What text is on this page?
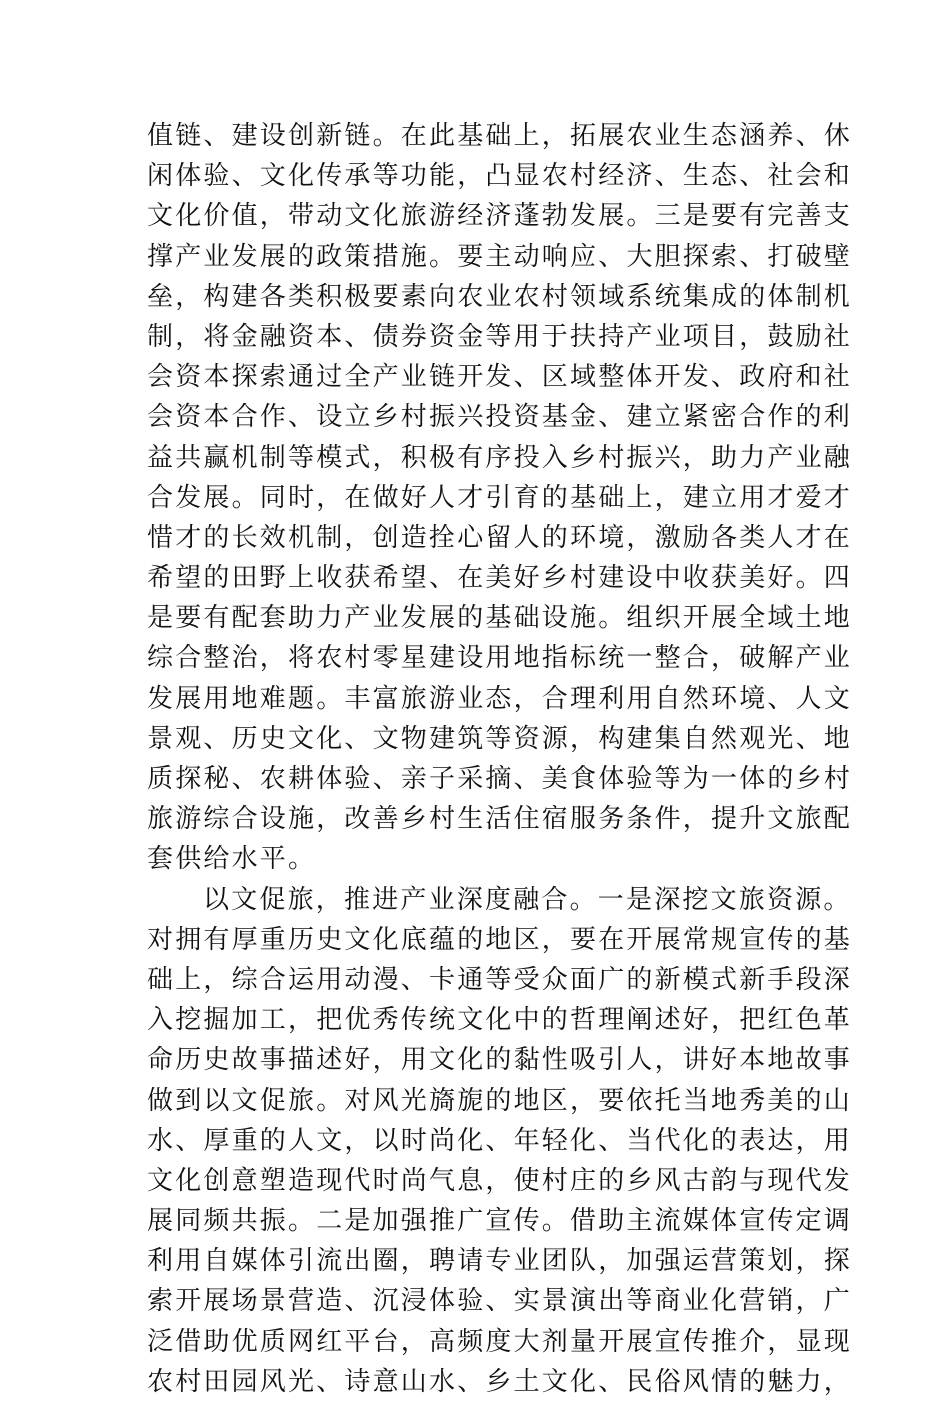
值链、建设创新链。在此基础上，拓展农业生态涵养、休
闲体验、文化传承等功能，凸显农村经济、生态、社会和
文化价值，带动文化旅游经济蓬勃发展。三是要有完善支
撑产业发展的政策措施。要主动响应、大胆探索、打破壁
垒，构建各类积极要素向农业农村领域系统集成的体制机
制，将金融资本、债券资金等用于扶持产业项目，鼓励社
会资本探索通过全产业链开发、区域整体开发、政府和社
会资本合作、设立乡村振兴投资基金、建立紧密合作的利
益共赢机制等模式，积极有序投入乡村振兴，助力产业融
合发展。同时，在做好人才引育的基础上，建立用才爱才
惜才的长效机制，创造拴心留人的环境，激励各类人才在
希望的田野上收获希望、在美好乡村建设中收获美好。四
是要有配套助力产业发展的基础设施。组织开展全域土地
综合整治，将农村零星建设用地指标统一整合，破解产业
发展用地难题。丰富旅游业态，合理利用自然环境、人文
景观、历史文化、文物建筑等资源，构建集自然观光、地
质探秘、农耕体验、亲子采摘、美食体验等为一体的乡村
旅游综合设施，改善乡村生活住宿服务条件，提升文旅配
套供给水平。
以文促旅，推进产业深度融合。一是深挖文旅资源。
对拥有厚重历史文化底蕴的地区，要在开展常规宣传的基
础上，综合运用动漫、卡通等受众面广的新模式新手段深
入挖掘加工，把优秀传统文化中的哲理阐述好，把红色革
命历史故事描述好，用文化的黏性吸引人，讲好本地故事
做到以文促旅。对风光旖旎的地区，要依托当地秀美的山
水、厚重的人文，以时尚化、年轻化、当代化的表达，用
文化创意塑造现代时尚气息，使村庄的乡风古韵与现代发
展同频共振。二是加强推广宣传。借助主流媒体宣传定调
利用自媒体引流出圈，聘请专业团队，加强运营策划，探
索开展场景营造、沉浸体验、实景演出等商业化营销，广
泛借助优质网红平台，高频度大剂量开展宣传推介，显现
农村田园风光、诗意山水、乡土文化、民俗风情的魅力，
